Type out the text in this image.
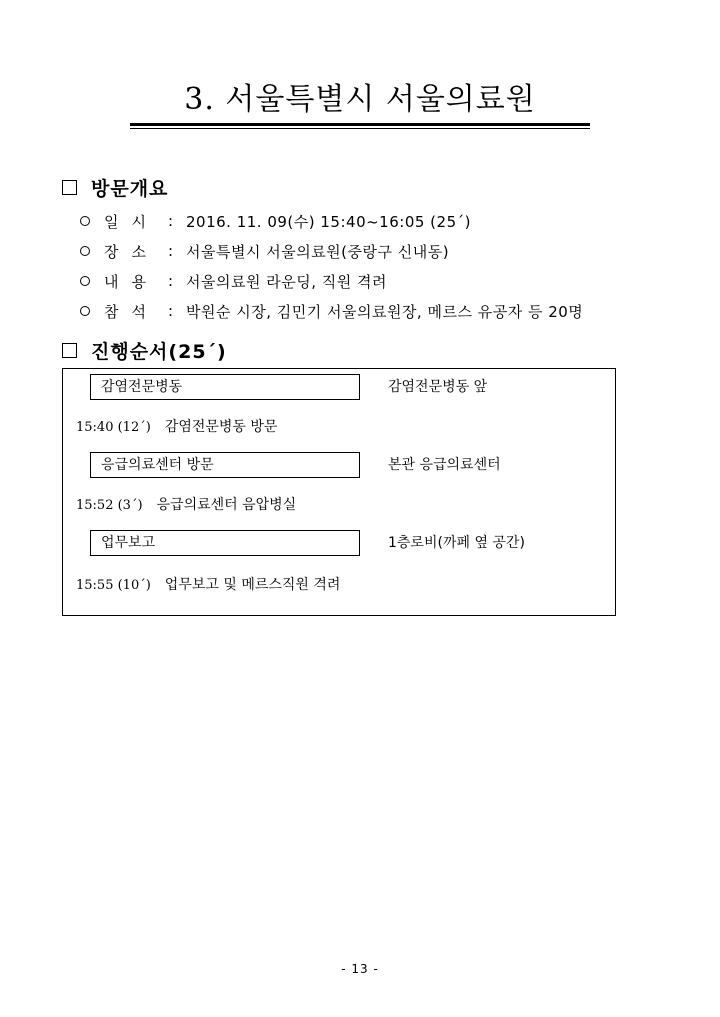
3. 서울특별시 서울의료원
방문개요
일시 : 2016. 11. 09(수) 15:40~16:05 (25´)
장소 : 서울특별시 서울의료원(중랑구 신내동)
내용 : 서울의료원 라운딩, 직원 격려
참석 : 박원순 시장, 김민기 서울의료원장, 메르스 유공자 등 20명
진행순서(25´)
감염전문병동	감염전문병동 앞
15:40 (12´) 감염전문병동 방문
응급의료센터 방문	본관 응급의료센터
15:52 (3´) 응급의료센터 음압병실
업무보고	1층로비(까페 옆 공간)
15:55 (10´) 업무보고 및 메르스직원 격려
- 13 -
